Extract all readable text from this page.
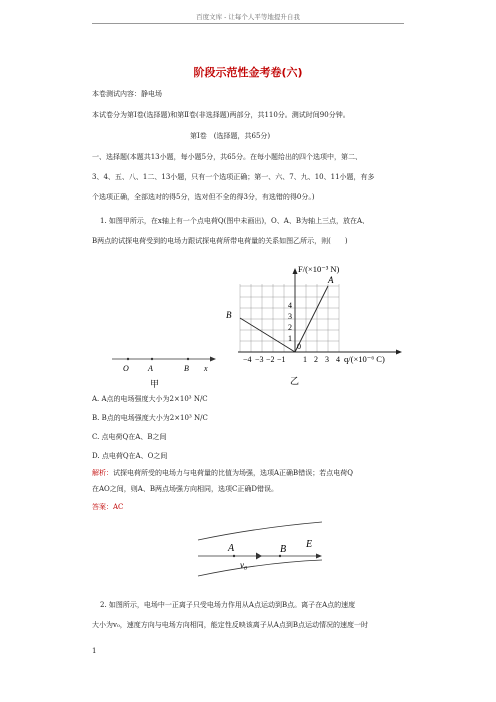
百度文库 - 让每个人平等地提升自我
阶段示范性金考卷(六)
本卷测试内容：静电场
本试卷分为第Ⅰ卷(选择题)和第Ⅱ卷(非选择题)两部分，共110分。测试时间90分钟。
第Ⅰ卷　(选择题，共65分)
一、选择题(本题共13小题，每小题5分，共65分。在每小题给出的四个选项中，第二、
3、4、五、八、1二、13小题，只有一个选项正确；第一、六、7、九、10、11小题，有多
个选项正确，全部选对的得5分，选对但不全的得3分，有选错的得0分。)
1. 如图甲所示，在x轴上有一个点电荷Q(图中未画出)，O、A、B为轴上三点，放在A、
B两点的试探电荷受到的电场力跟试探电荷所带电荷量的关系如图乙所示，则(　　)
O A	B x
甲
A
B
F/(×10⁻³ N)
4
3
2
1
0
−4 −3 −2 −1 1 2 3 4 q/(×10⁻⁶ C)
乙
A. A点的电场强度大小为2×10³ N/C
B. B点的电场强度大小为2×10³ N/C
C. 点电荷Q在A、B之间
D. 点电荷Q在A、O之间
解析：试探电荷所受的电场力与电荷量的比值为场强，选项A正确B错误；若点电荷Q
在AO之间，则A、B两点场强方向相同，选项C正确D错误。
答案：AC
A	B E
v₀
2. 如图所示，电场中一正离子只受电场力作用从A点运动到B点。离子在A点的速度
大小为v₀，速度方向与电场方向相同，能定性反映该离子从A点到B点运动情况的速度一时
1
